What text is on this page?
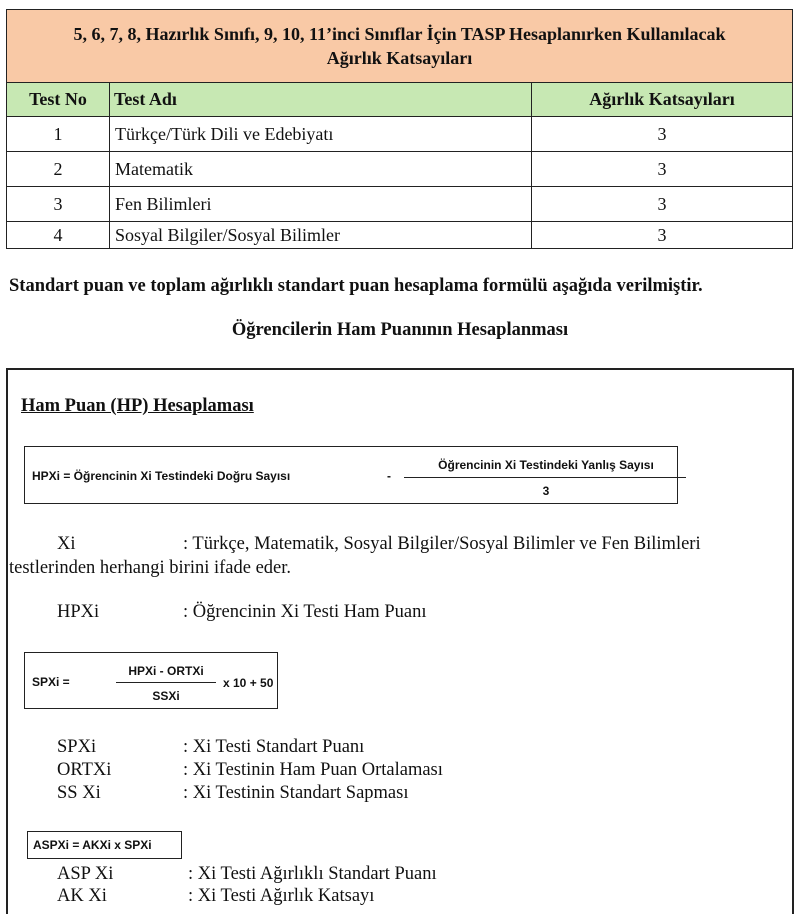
5, 6, 7, 8, Hazırlık Sınıfı, 9, 10, 11’inci Sınıflar İçin TASP Hesaplanırken Kullanılacak
Ağırlık Katsayıları		

Test No	Test Adı	Ağırlık Katsayıları
1	Türkçe/Türk Dili ve Edebiyatı	3
2	Matematik	3
3	Fen Bilimleri	3
4	Sosyal Bilgiler/Sosyal Bilimler	3
Standart puan ve toplam ağırlıklı standart puan hesaplama formülü aşağıda verilmiştir.
Öğrencilerin Ham Puanının Hesaplanması
Ham Puan (HP) Hesaplaması
HPXi = Öğrencinin Xi Testindeki Doğru Sayısı	-
Öğrencinin Xi Testindeki Yanlış Sayısı
3
Xi	: Türkçe, Matematik, Sosyal Bilgiler/Sosyal Bilimler ve Fen Bilimleri
testlerinden herhangi birini ifade eder.
HPXi	: Öğrencinin Xi Testi Ham Puanı
SPXi =
HPXi - ORTXi
SSXi
x 10 + 50
SPXi	: Xi Testi Standart Puanı
ORTXi	: Xi Testinin Ham Puan Ortalaması
SS Xi	: Xi Testinin Standart Sapması
ASPXi = AKXi x SPXi
ASP Xi	: Xi Testi Ağırlıklı Standart Puanı
AK Xi	: Xi Testi Ağırlık Katsayı
